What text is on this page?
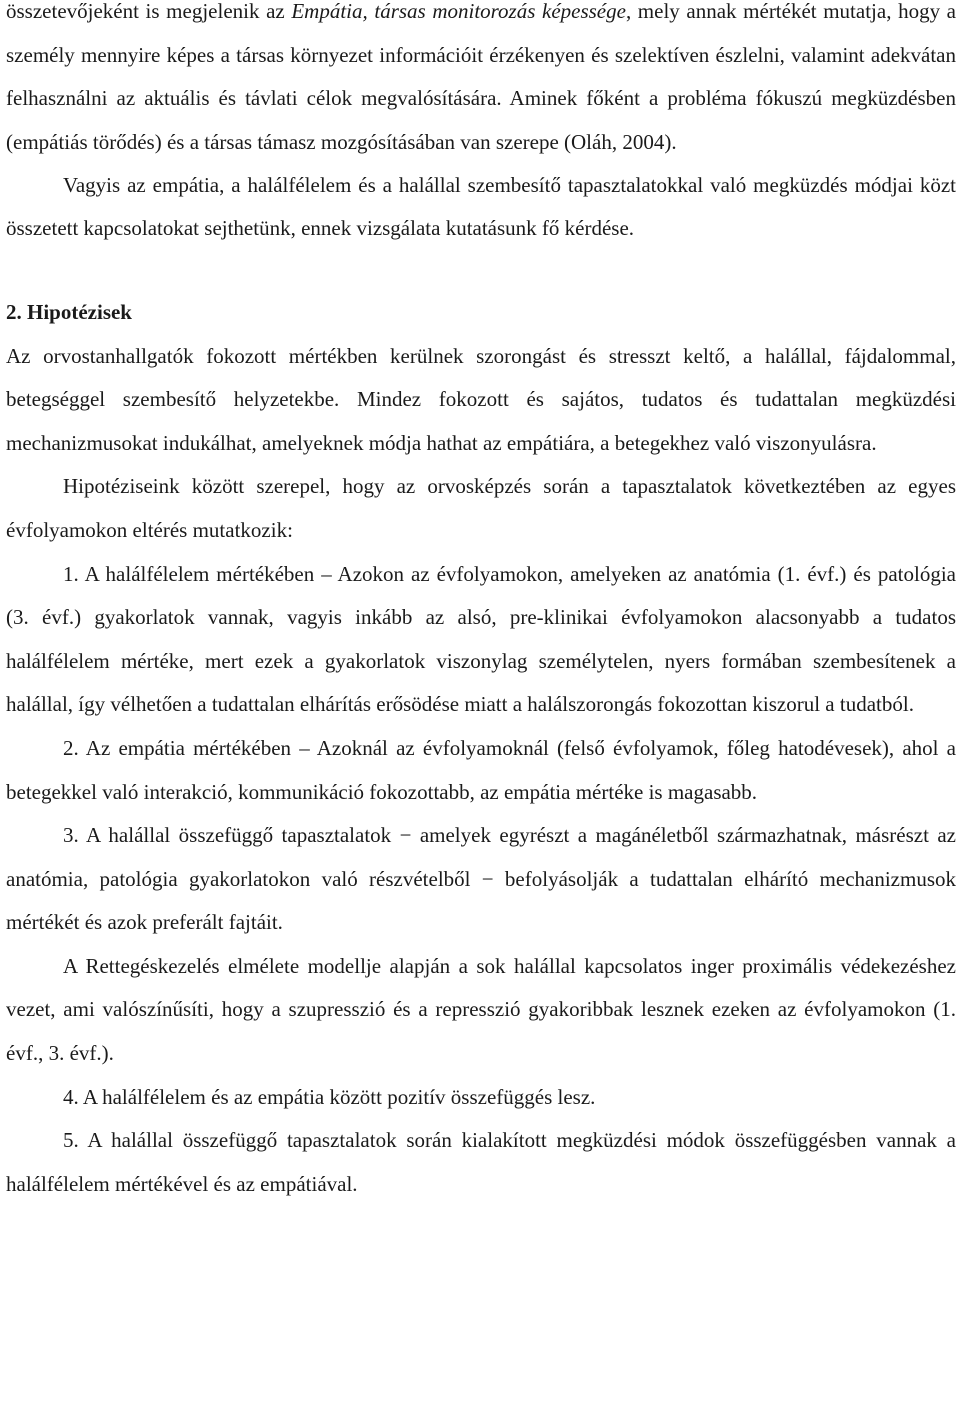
összetevőjeként is megjelenik az Empátia, társas monitorozás képessége, mely annak mértékét mutatja, hogy a személy mennyire képes a társas környezet információit érzékenyen és szelektíven észlelni, valamint adekvátan felhasználni az aktuális és távlati célok megvalósítására. Aminek főként a probléma fókuszú megküzdésben (empátiás törődés) és a társas támasz mozgósításában van szerepe (Oláh, 2004).

Vagyis az empátia, a halálfélelem és a halállal szembesítő tapasztalatokkal való megküzdés módjai közt összetett kapcsolatokat sejthetünk, ennek vizsgálata kutatásunk fő kérdése.

2. Hipotézisek

Az orvostanhallgatók fokozott mértékben kerülnek szorongást és stresszt keltő, a halállal, fájdalommal, betegséggel szembesítő helyzetekbe. Mindez fokozott és sajátos, tudatos és tudattalan megküzdési mechanizmusokat indukálhat, amelyeknek módja hathat az empátiára, a betegekhez való viszonyulásra.

Hipotéziseink között szerepel, hogy az orvosképzés során a tapasztalatok következtében az egyes évfolyamokon eltérés mutatkozik:

1. A halálfélelem mértékében – Azokon az évfolyamokon, amelyeken az anatómia (1. évf.) és patológia (3. évf.) gyakorlatok vannak, vagyis inkább az alsó, pre-klinikai évfolyamokon alacsonyabb a tudatos halálfélelem mértéke, mert ezek a gyakorlatok viszonylag személytelen, nyers formában szembesítenek a halállal, így vélhetően a tudattalan elhárítás erősödése miatt a halálszorongás fokozottan kiszorul a tudatból.

2. Az empátia mértékében – Azoknál az évfolyamoknál (felső évfolyamok, főleg hatodévesek), ahol a betegekkel való interakció, kommunikáció fokozottabb, az empátia mértéke is magasabb.

3. A halállal összefüggő tapasztalatok − amelyek egyrészt a magánéletből származhatnak, másrészt az anatómia, patológia gyakorlatokon való részvételből − befolyásolják a tudattalan elhárító mechanizmusok mértékét és azok preferált fajtáit.

A Rettegéskezelés elmélete modellje alapján a sok halállal kapcsolatos inger proximális védekezéshez vezet, ami valószínűsíti, hogy a szupresszió és a represszió gyakoribbak lesznek ezeken az évfolyamokon (1. évf., 3. évf.).

4. A halálfélelem és az empátia között pozitív összefüggés lesz.

5. A halállal összefüggő tapasztalatok során kialakított megküzdési módok összefüggésben vannak a halálfélelem mértékével és az empátiával.
